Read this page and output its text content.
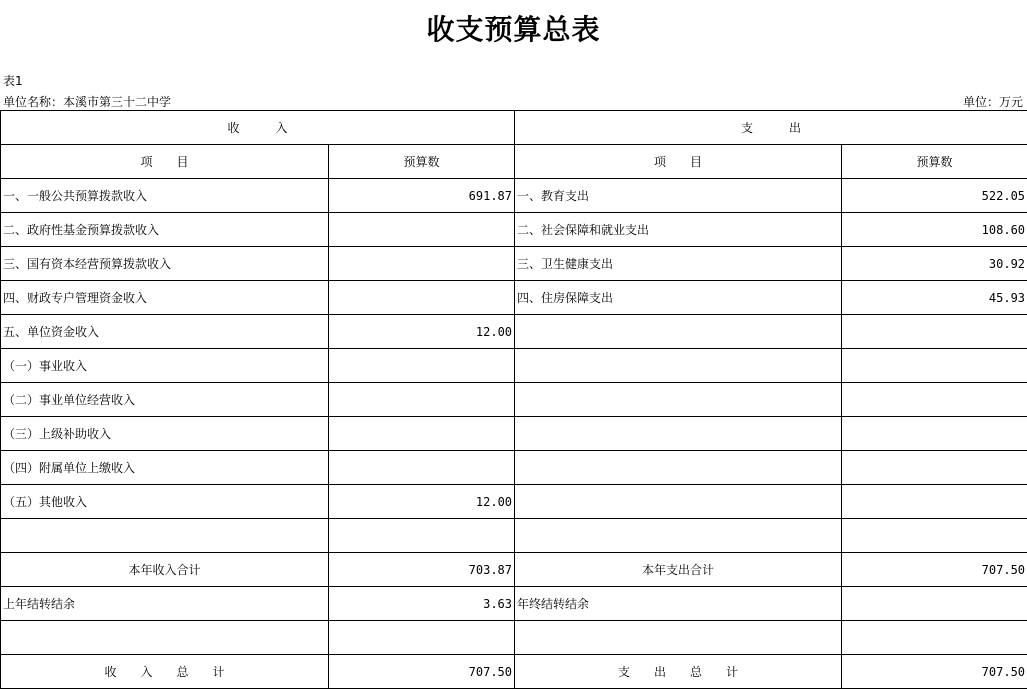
收支预算总表
表1
单位名称：本溪市第三十二中学	单位：万元
收　　　入		支　　　出	
项　　目	预算数	项　　目	预算数
一、一般公共预算拨款收入	691.87	一、教育支出	522.05
二、政府性基金预算拨款收入		二、社会保障和就业支出	108.60
三、国有资本经营预算拨款收入		三、卫生健康支出	30.92
四、财政专户管理资金收入		四、住房保障支出	45.93
五、单位资金收入	12.00		
（一）事业收入			
（二）事业单位经营收入			
（三）上级补助收入			
（四）附属单位上缴收入			
（五）其他收入	12.00		

本年收入合计	703.87	本年支出合计	707.50
上年结转结余	3.63	年终结转结余	

收　　入　　总　　计	707.50	支　　出　　总　　计	707.50
